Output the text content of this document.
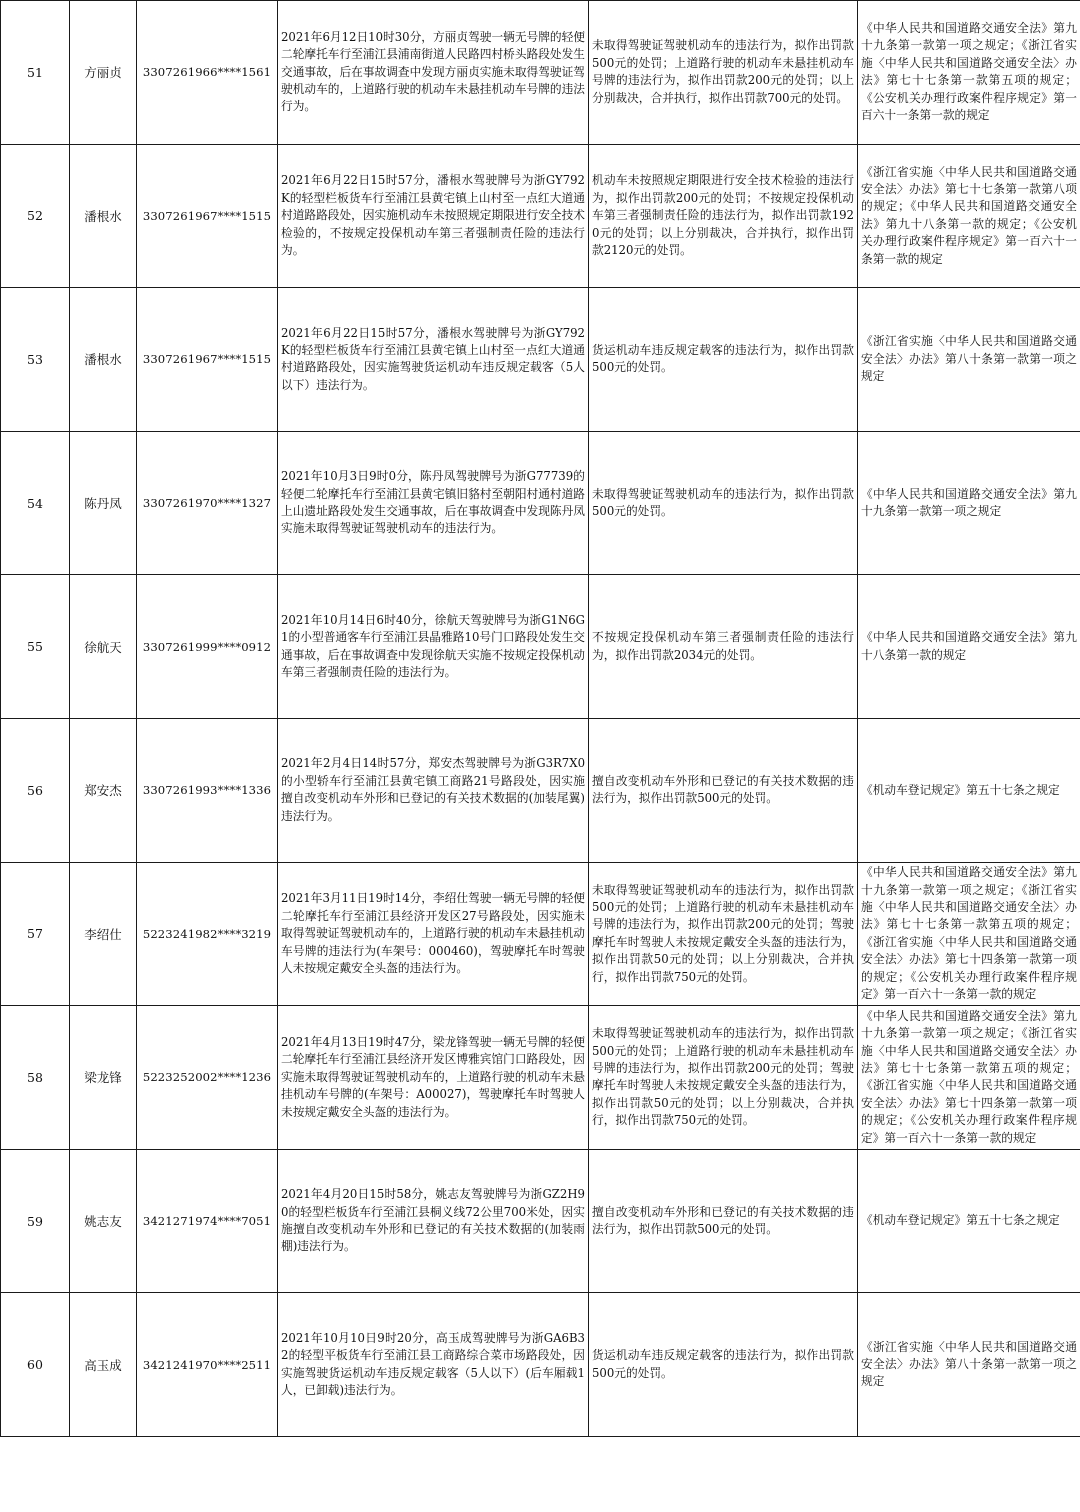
51	方丽贞	3307261966****1561	2021年6月12日10时30分，方丽贞驾驶一辆无号牌的轻便二轮摩托车行至浦江县浦南街道人民路四村桥头路段处发生交通事故，后在事故调查中发现方丽贞实施未取得驾驶证驾驶机动车的，上道路行驶的机动车未悬挂机动车号牌的违法行为。	未取得驾驶证驾驶机动车的违法行为，拟作出罚款500元的处罚；上道路行驶的机动车未悬挂机动车号牌的违法行为，拟作出罚款200元的处罚；以上分别裁决，合并执行，拟作出罚款700元的处罚。	《中华人民共和国道路交通安全法》第九十九条第一款第一项之规定；《浙江省实施〈中华人民共和国道路交通安全法〉办法》第七十七条第一款第五项的规定；《公安机关办理行政案件程序规定》第一百六十一条第一款的规定
52	潘根水	3307261967****1515	2021年6月22日15时57分，潘根水驾驶牌号为浙GY792K的轻型栏板货车行至浦江县黄宅镇上山村至一点红大道通村道路路段处，因实施机动车未按照规定期限进行安全技术检验的，不按规定投保机动车第三者强制责任险的违法行为。	机动车未按照规定期限进行安全技术检验的违法行为，拟作出罚款200元的处罚；不按规定投保机动车第三者强制责任险的违法行为，拟作出罚款1920元的处罚；以上分别裁决，合并执行，拟作出罚款2120元的处罚。	《浙江省实施〈中华人民共和国道路交通安全法〉办法》第七十七条第一款第八项的规定；《中华人民共和国道路交通安全法》第九十八条第一款的规定；《公安机关办理行政案件程序规定》第一百六十一条第一款的规定
53	潘根水	3307261967****1515	2021年6月22日15时57分，潘根水驾驶牌号为浙GY792K的轻型栏板货车行至浦江县黄宅镇上山村至一点红大道通村道路路段处，因实施驾驶货运机动车违反规定载客（5人以下）违法行为。	货运机动车违反规定载客的违法行为，拟作出罚款500元的处罚。	《浙江省实施〈中华人民共和国道路交通安全法〉办法》第八十条第一款第一项之规定
54	陈丹凤	3307261970****1327	2021年10月3日9时0分，陈丹凤驾驶牌号为浙G77739的轻便二轮摩托车行至浦江县黄宅镇旧貉村至朝阳村通村道路上山遗址路段处发生交通事故，后在事故调查中发现陈丹凤实施未取得驾驶证驾驶机动车的违法行为。	未取得驾驶证驾驶机动车的违法行为，拟作出罚款500元的处罚。	《中华人民共和国道路交通安全法》第九十九条第一款第一项之规定
55	徐航天	3307261999****0912	2021年10月14日6时40分，徐航天驾驶牌号为浙G1N6G1的小型普通客车行至浦江县晶雅路10号门口路段处发生交通事故，后在事故调查中发现徐航天实施不按规定投保机动车第三者强制责任险的违法行为。	不按规定投保机动车第三者强制责任险的违法行为，拟作出罚款2034元的处罚。	《中华人民共和国道路交通安全法》第九十八条第一款的规定
56	郑安杰	3307261993****1336	2021年2月4日14时57分，郑安杰驾驶牌号为浙G3R7X0的小型轿车行至浦江县黄宅镇工商路21号路段处，因实施擅自改变机动车外形和已登记的有关技术数据的(加装尾翼)违法行为。	擅自改变机动车外形和已登记的有关技术数据的违法行为，拟作出罚款500元的处罚。	《机动车登记规定》第五十七条之规定
57	李绍仕	5223241982****3219	2021年3月11日19时14分，李绍仕驾驶一辆无号牌的轻便二轮摩托车行至浦江县经济开发区27号路段处，因实施未取得驾驶证驾驶机动车的，上道路行驶的机动车未悬挂机动车号牌的违法行为(车架号：000460)，驾驶摩托车时驾驶人未按规定戴安全头盔的违法行为。	未取得驾驶证驾驶机动车的违法行为，拟作出罚款500元的处罚；上道路行驶的机动车未悬挂机动车号牌的违法行为，拟作出罚款200元的处罚；驾驶摩托车时驾驶人未按规定戴安全头盔的违法行为，拟作出罚款50元的处罚；以上分别裁决，合并执行，拟作出罚款750元的处罚。	《中华人民共和国道路交通安全法》第九十九条第一款第一项之规定；《浙江省实施〈中华人民共和国道路交通安全法〉办法》第七十七条第一款第五项的规定；《浙江省实施〈中华人民共和国道路交通安全法〉办法》第七十四条第一款第一项的规定；《公安机关办理行政案件程序规定》第一百六十一条第一款的规定
58	梁龙锋	5223252002****1236	2021年4月13日19时47分，梁龙锋驾驶一辆无号牌的轻便二轮摩托车行至浦江县经济开发区博雅宾馆门口路段处，因实施未取得驾驶证驾驶机动车的，上道路行驶的机动车未悬挂机动车号牌的(车架号：A00027)，驾驶摩托车时驾驶人未按规定戴安全头盔的违法行为。	未取得驾驶证驾驶机动车的违法行为，拟作出罚款500元的处罚；上道路行驶的机动车未悬挂机动车号牌的违法行为，拟作出罚款200元的处罚；驾驶摩托车时驾驶人未按规定戴安全头盔的违法行为，拟作出罚款50元的处罚；以上分别裁决，合并执行，拟作出罚款750元的处罚。	《中华人民共和国道路交通安全法》第九十九条第一款第一项之规定；《浙江省实施〈中华人民共和国道路交通安全法〉办法》第七十七条第一款第五项的规定；《浙江省实施〈中华人民共和国道路交通安全法〉办法》第七十四条第一款第一项的规定；《公安机关办理行政案件程序规定》第一百六十一条第一款的规定
59	姚志友	3421271974****7051	2021年4月20日15时58分，姚志友驾驶牌号为浙GZ2H90的轻型栏板货车行至浦江县桐义线72公里700米处，因实施擅自改变机动车外形和已登记的有关技术数据的(加装雨棚)违法行为。	擅自改变机动车外形和已登记的有关技术数据的违法行为，拟作出罚款500元的处罚。	《机动车登记规定》第五十七条之规定
60	高玉成	3421241970****2511	2021年10月10日9时20分，高玉成驾驶牌号为浙GA6B32的轻型平板货车行至浦江县工商路综合菜市场路段处，因实施驾驶货运机动车违反规定载客（5人以下）(后车厢载1人，已卸载)违法行为。	货运机动车违反规定载客的违法行为，拟作出罚款500元的处罚。	《浙江省实施〈中华人民共和国道路交通安全法〉办法》第八十条第一款第一项之规定
